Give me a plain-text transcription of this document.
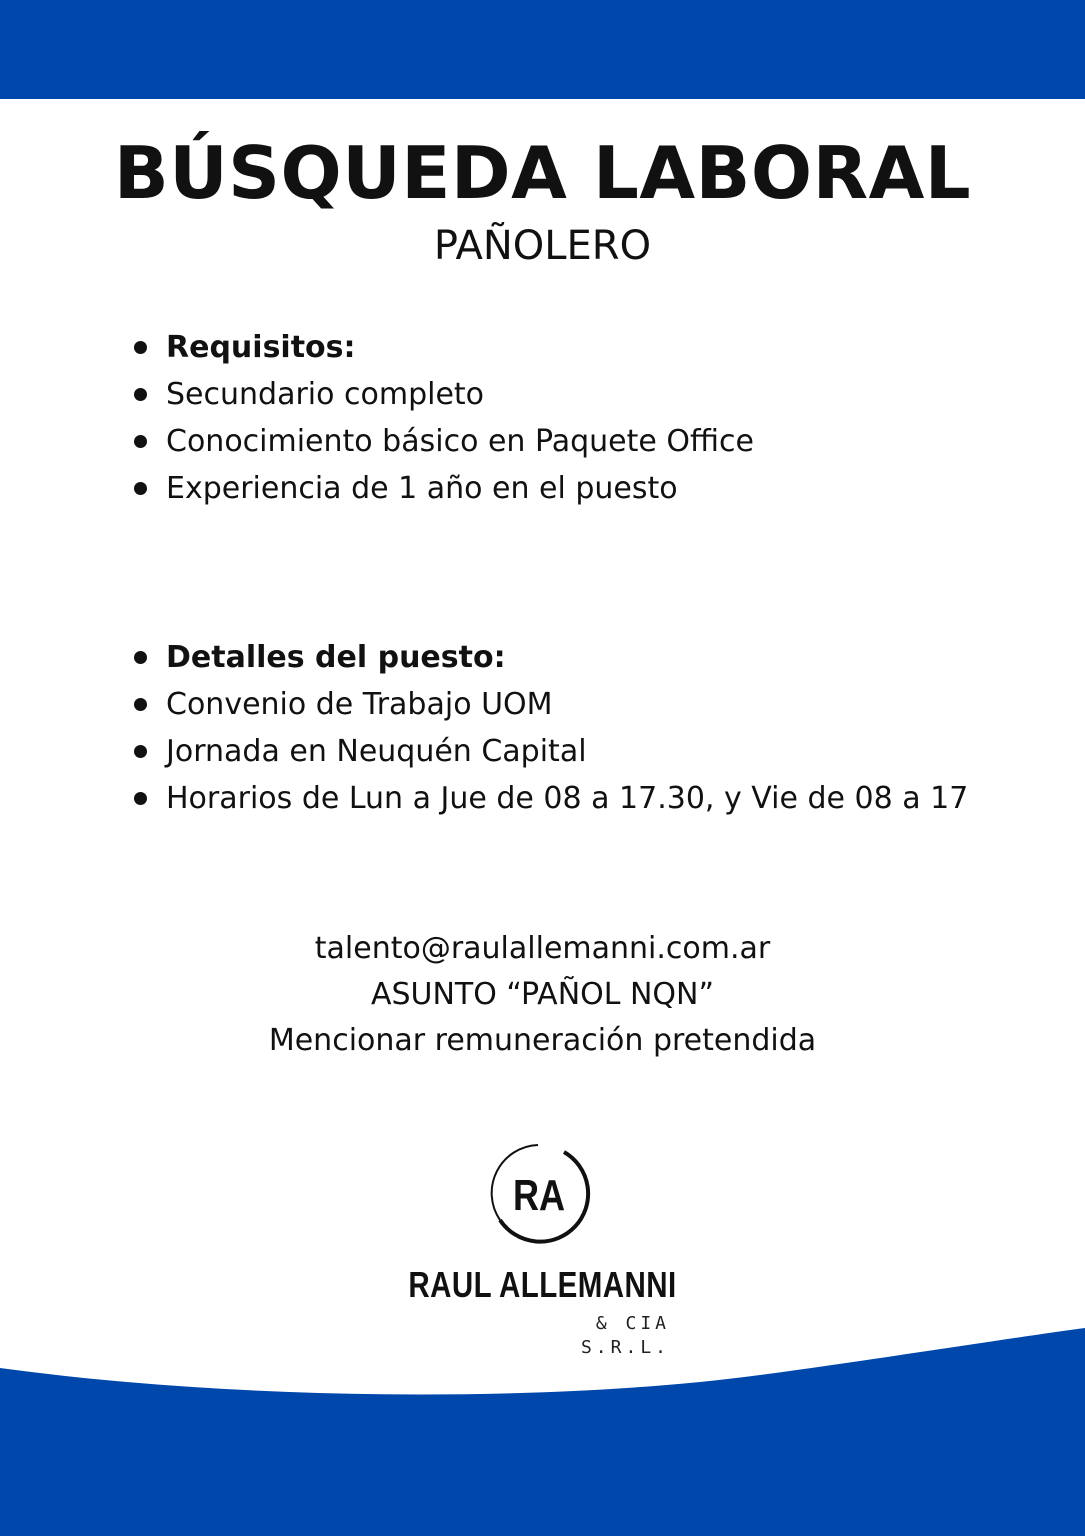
BÚSQUEDA LABORAL
PAÑOLERO
Requisitos:
Secundario completo
Conocimiento básico en Paquete Office
Experiencia de 1 año en el puesto
Detalles del puesto:
Convenio de Trabajo UOM
Jornada en Neuquén Capital
Horarios de Lun a Jue de 08 a 17.30, y Vie de 08 a 17
talento@raulallemanni.com.ar
ASUNTO “PAÑOL NQN”
Mencionar remuneración pretendida
RA
RAUL ALLEMANNI
& CIA S.R.L.
